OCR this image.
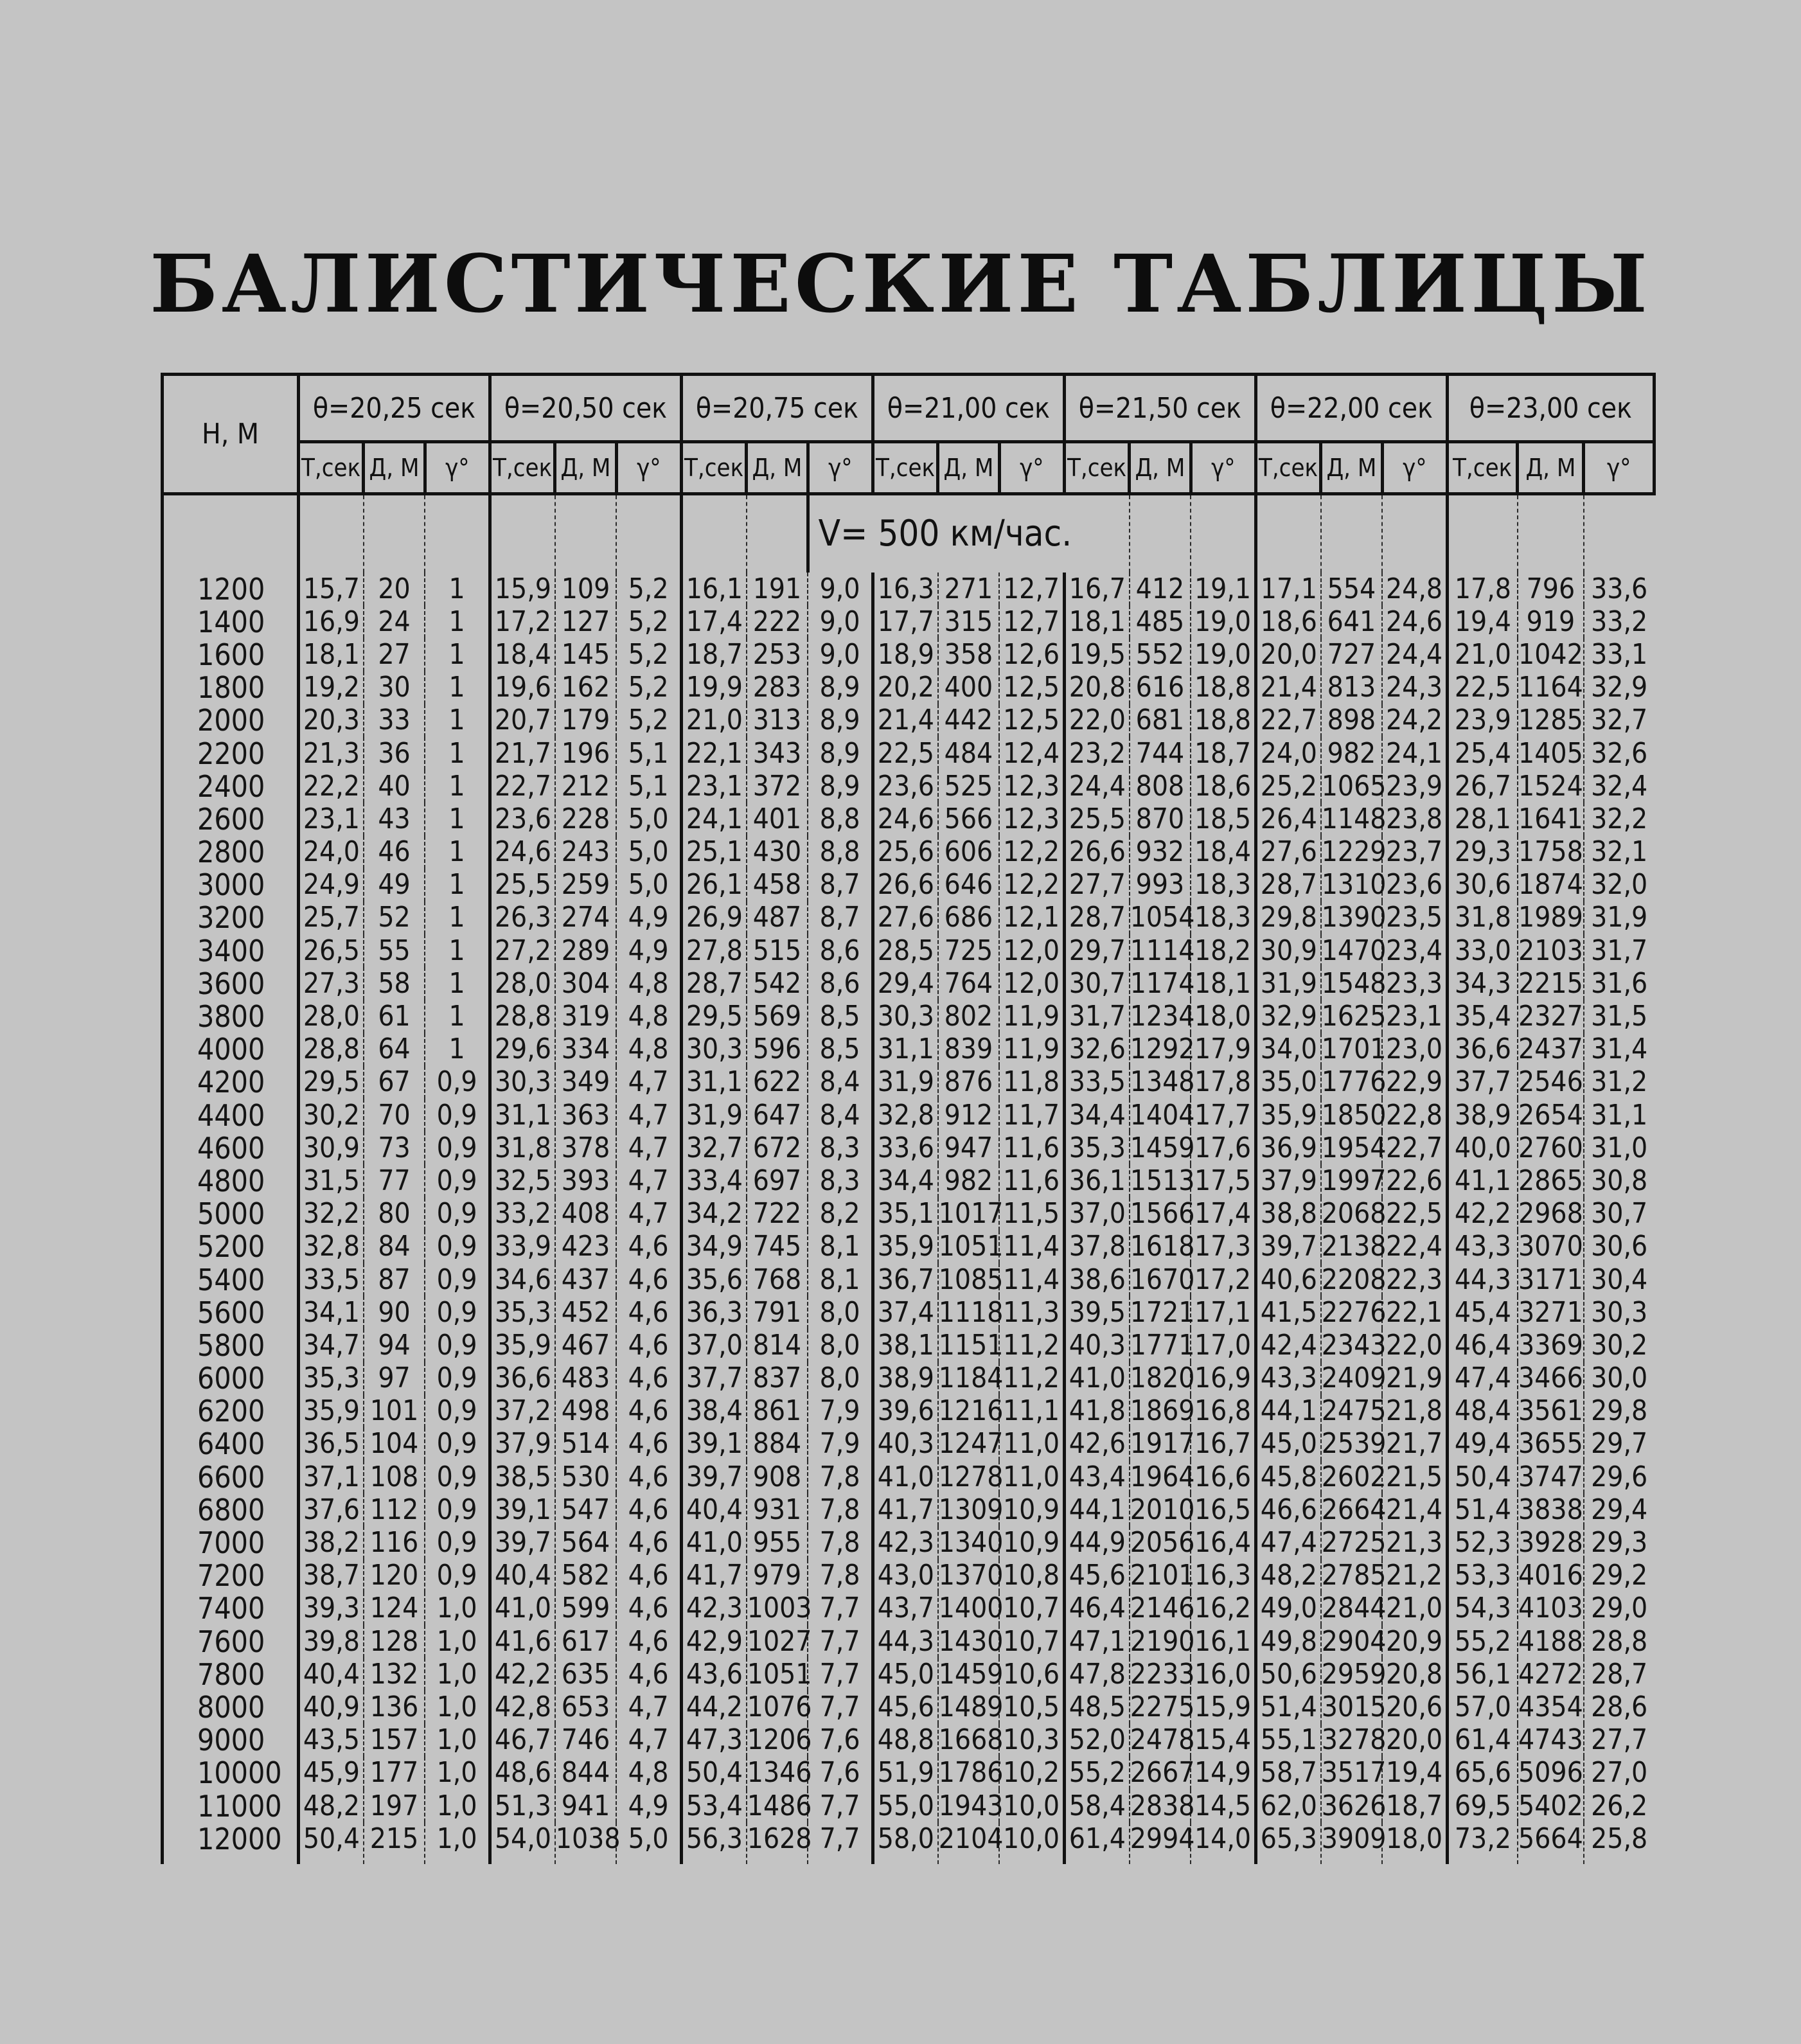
БАЛИСТИЧЕСКИЕ ТАБЛИЦЫ
Н, М	θ=20,25 сек			θ=20,50 сек			θ=20,75 сек			θ=21,00 сек			θ=21,50 сек			θ=22,00 сек			θ=23,00 сек		
	Т,сек	Д, М	γ°	Т,сек	Д, М	γ°	Т,сек	Д, М	γ°	Т,сек	Д, М	γ°	Т,сек	Д, М	γ°	Т,сек	Д, М	γ°	Т,сек	Д, М	γ°
									V= 500 км/час.												
1200	15,7	20	1	15,9	109	5,2	16,1	191	9,0	16,3	271	12,7	16,7	412	19,1	17,1	554	24,8	17,8	796	33,6
1400	16,9	24	1	17,2	127	5,2	17,4	222	9,0	17,7	315	12,7	18,1	485	19,0	18,6	641	24,6	19,4	919	33,2
1600	18,1	27	1	18,4	145	5,2	18,7	253	9,0	18,9	358	12,6	19,5	552	19,0	20,0	727	24,4	21,0	1042	33,1
1800	19,2	30	1	19,6	162	5,2	19,9	283	8,9	20,2	400	12,5	20,8	616	18,8	21,4	813	24,3	22,5	1164	32,9
2000	20,3	33	1	20,7	179	5,2	21,0	313	8,9	21,4	442	12,5	22,0	681	18,8	22,7	898	24,2	23,9	1285	32,7
2200	21,3	36	1	21,7	196	5,1	22,1	343	8,9	22,5	484	12,4	23,2	744	18,7	24,0	982	24,1	25,4	1405	32,6
2400	22,2	40	1	22,7	212	5,1	23,1	372	8,9	23,6	525	12,3	24,4	808	18,6	25,2	1065	23,9	26,7	1524	32,4
2600	23,1	43	1	23,6	228	5,0	24,1	401	8,8	24,6	566	12,3	25,5	870	18,5	26,4	1148	23,8	28,1	1641	32,2
2800	24,0	46	1	24,6	243	5,0	25,1	430	8,8	25,6	606	12,2	26,6	932	18,4	27,6	1229	23,7	29,3	1758	32,1
3000	24,9	49	1	25,5	259	5,0	26,1	458	8,7	26,6	646	12,2	27,7	993	18,3	28,7	1310	23,6	30,6	1874	32,0
3200	25,7	52	1	26,3	274	4,9	26,9	487	8,7	27,6	686	12,1	28,7	1054	18,3	29,8	1390	23,5	31,8	1989	31,9
3400	26,5	55	1	27,2	289	4,9	27,8	515	8,6	28,5	725	12,0	29,7	1114	18,2	30,9	1470	23,4	33,0	2103	31,7
3600	27,3	58	1	28,0	304	4,8	28,7	542	8,6	29,4	764	12,0	30,7	1174	18,1	31,9	1548	23,3	34,3	2215	31,6
3800	28,0	61	1	28,8	319	4,8	29,5	569	8,5	30,3	802	11,9	31,7	1234	18,0	32,9	1625	23,1	35,4	2327	31,5
4000	28,8	64	1	29,6	334	4,8	30,3	596	8,5	31,1	839	11,9	32,6	1292	17,9	34,0	1701	23,0	36,6	2437	31,4
4200	29,5	67	0,9	30,3	349	4,7	31,1	622	8,4	31,9	876	11,8	33,5	1348	17,8	35,0	1776	22,9	37,7	2546	31,2
4400	30,2	70	0,9	31,1	363	4,7	31,9	647	8,4	32,8	912	11,7	34,4	1404	17,7	35,9	1850	22,8	38,9	2654	31,1
4600	30,9	73	0,9	31,8	378	4,7	32,7	672	8,3	33,6	947	11,6	35,3	1459	17,6	36,9	1954	22,7	40,0	2760	31,0
4800	31,5	77	0,9	32,5	393	4,7	33,4	697	8,3	34,4	982	11,6	36,1	1513	17,5	37,9	1997	22,6	41,1	2865	30,8
5000	32,2	80	0,9	33,2	408	4,7	34,2	722	8,2	35,1	1017	11,5	37,0	1566	17,4	38,8	2068	22,5	42,2	2968	30,7
5200	32,8	84	0,9	33,9	423	4,6	34,9	745	8,1	35,9	1051	11,4	37,8	1618	17,3	39,7	2138	22,4	43,3	3070	30,6
5400	33,5	87	0,9	34,6	437	4,6	35,6	768	8,1	36,7	1085	11,4	38,6	1670	17,2	40,6	2208	22,3	44,3	3171	30,4
5600	34,1	90	0,9	35,3	452	4,6	36,3	791	8,0	37,4	1118	11,3	39,5	1721	17,1	41,5	2276	22,1	45,4	3271	30,3
5800	34,7	94	0,9	35,9	467	4,6	37,0	814	8,0	38,1	1151	11,2	40,3	1771	17,0	42,4	2343	22,0	46,4	3369	30,2
6000	35,3	97	0,9	36,6	483	4,6	37,7	837	8,0	38,9	1184	11,2	41,0	1820	16,9	43,3	2409	21,9	47,4	3466	30,0
6200	35,9	101	0,9	37,2	498	4,6	38,4	861	7,9	39,6	1216	11,1	41,8	1869	16,8	44,1	2475	21,8	48,4	3561	29,8
6400	36,5	104	0,9	37,9	514	4,6	39,1	884	7,9	40,3	1247	11,0	42,6	1917	16,7	45,0	2539	21,7	49,4	3655	29,7
6600	37,1	108	0,9	38,5	530	4,6	39,7	908	7,8	41,0	1278	11,0	43,4	1964	16,6	45,8	2602	21,5	50,4	3747	29,6
6800	37,6	112	0,9	39,1	547	4,6	40,4	931	7,8	41,7	1309	10,9	44,1	2010	16,5	46,6	2664	21,4	51,4	3838	29,4
7000	38,2	116	0,9	39,7	564	4,6	41,0	955	7,8	42,3	1340	10,9	44,9	2056	16,4	47,4	2725	21,3	52,3	3928	29,3
7200	38,7	120	0,9	40,4	582	4,6	41,7	979	7,8	43,0	1370	10,8	45,6	2101	16,3	48,2	2785	21,2	53,3	4016	29,2
7400	39,3	124	1,0	41,0	599	4,6	42,3	1003	7,7	43,7	1400	10,7	46,4	2146	16,2	49,0	2844	21,0	54,3	4103	29,0
7600	39,8	128	1,0	41,6	617	4,6	42,9	1027	7,7	44,3	1430	10,7	47,1	2190	16,1	49,8	2904	20,9	55,2	4188	28,8
7800	40,4	132	1,0	42,2	635	4,6	43,6	1051	7,7	45,0	1459	10,6	47,8	2233	16,0	50,6	2959	20,8	56,1	4272	28,7
8000	40,9	136	1,0	42,8	653	4,7	44,2	1076	7,7	45,6	1489	10,5	48,5	2275	15,9	51,4	3015	20,6	57,0	4354	28,6
9000	43,5	157	1,0	46,7	746	4,7	47,3	1206	7,6	48,8	1668	10,3	52,0	2478	15,4	55,1	3278	20,0	61,4	4743	27,7
10000	45,9	177	1,0	48,6	844	4,8	50,4	1346	7,6	51,9	1786	10,2	55,2	2667	14,9	58,7	3517	19,4	65,6	5096	27,0
11000	48,2	197	1,0	51,3	941	4,9	53,4	1486	7,7	55,0	1943	10,0	58,4	2838	14,5	62,0	3626	18,7	69,5	5402	26,2
12000	50,4	215	1,0	54,0	1038	5,0	56,3	1628	7,7	58,0	2104	10,0	61,4	2994	14,0	65,3	3909	18,0	73,2	5664	25,8
